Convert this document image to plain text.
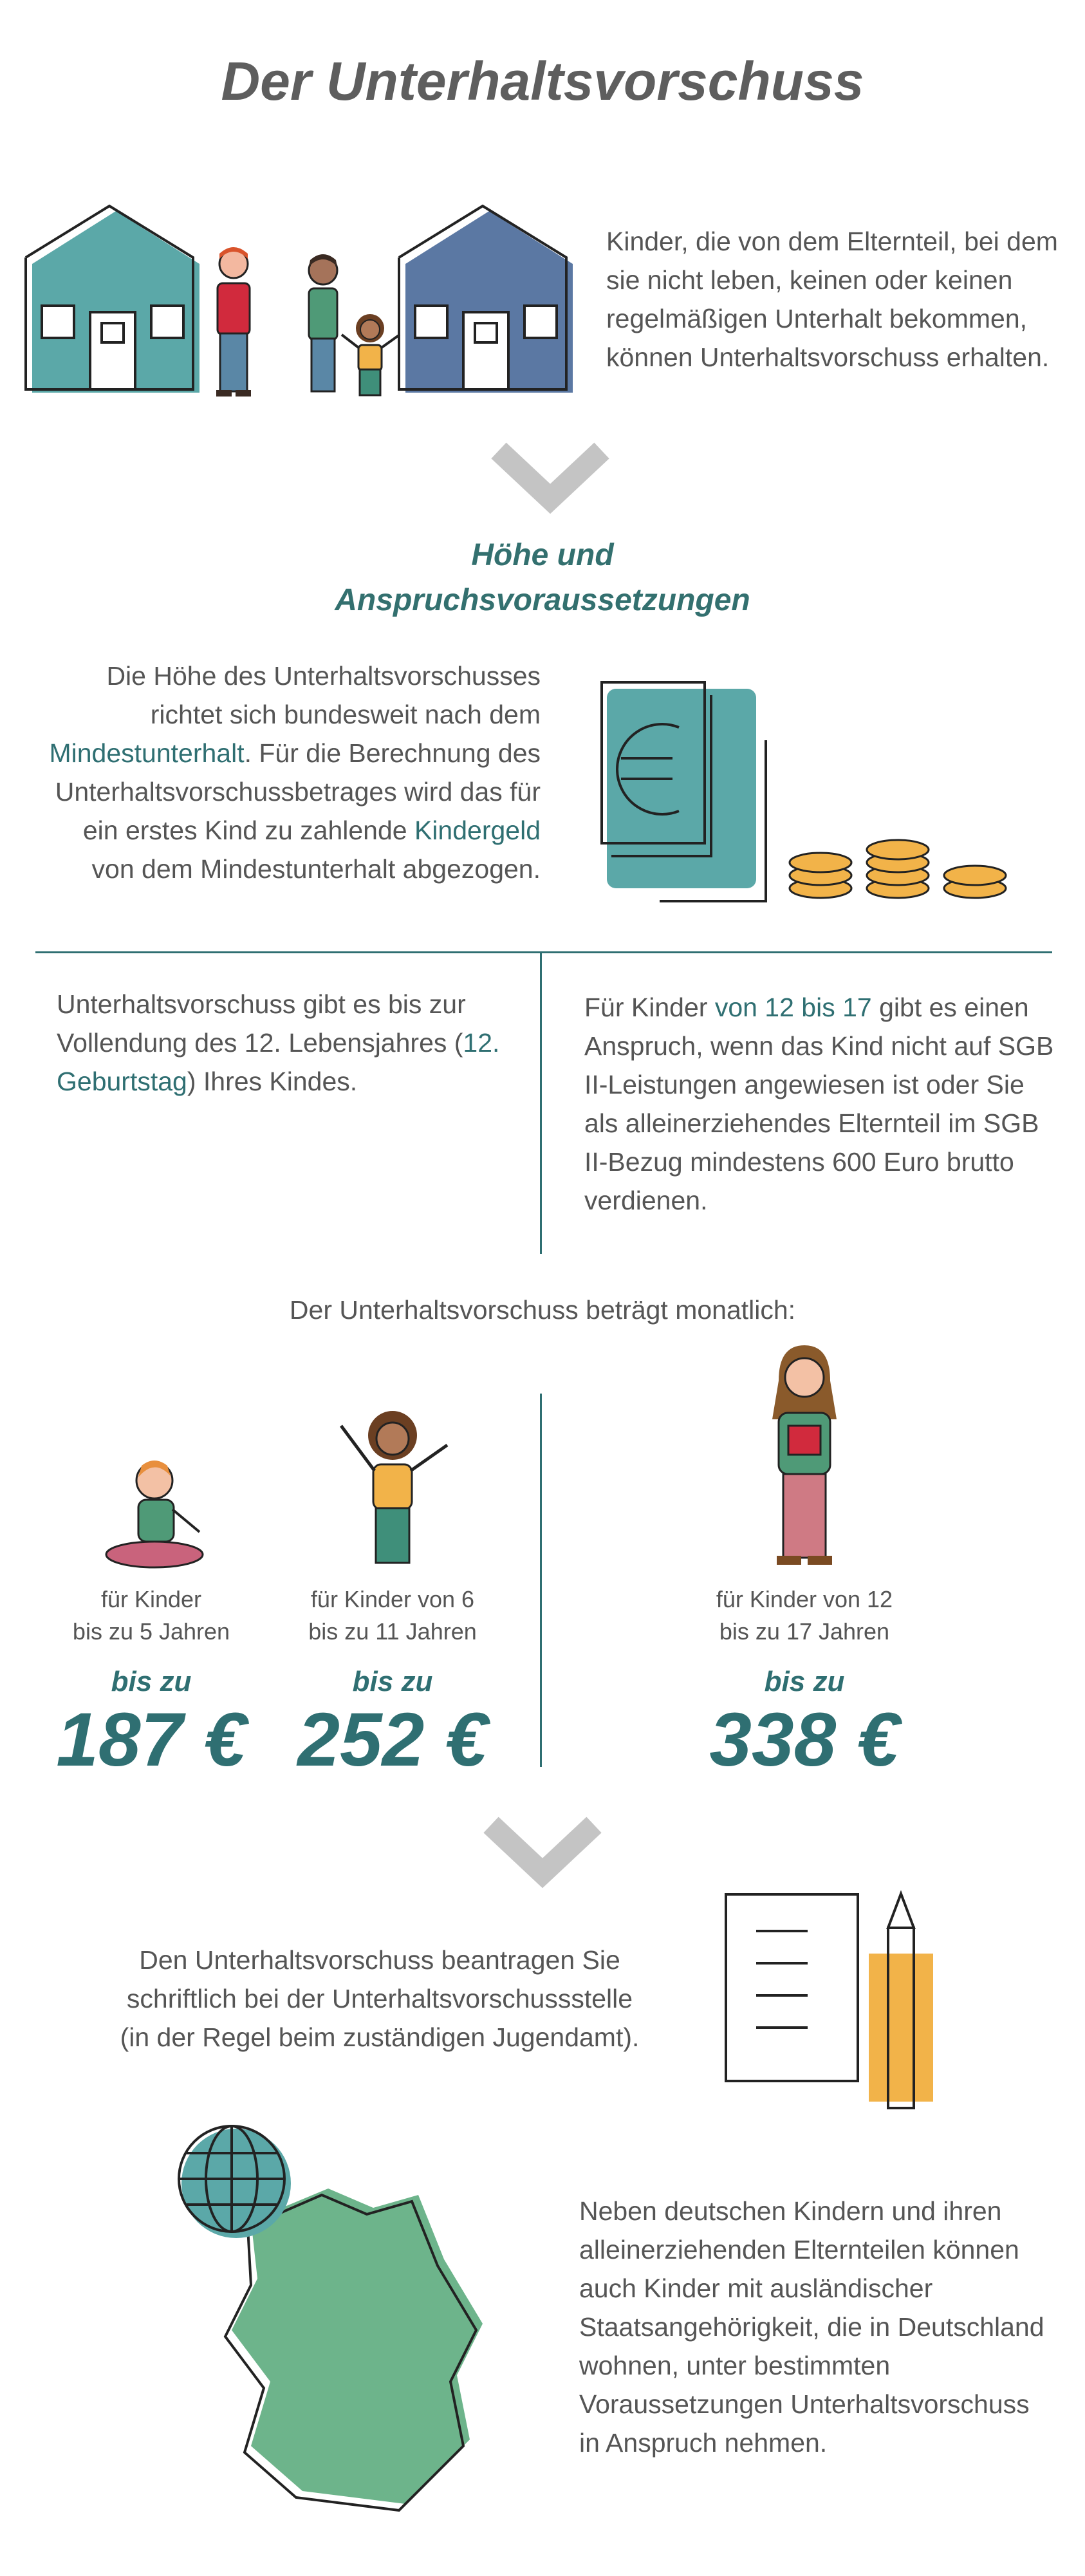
Der Unterhaltsvorschuss
Kinder, die von dem Elternteil, bei dem sie nicht leben, keinen oder keinen regelmäßigen Unterhalt bekommen, können Unterhaltsvorschuss erhalten.
Höhe und
Anspruchsvoraussetzungen
Die Höhe des Unterhaltsvorschusses richtet sich bundesweit nach dem Mindestunterhalt. Für die Berechnung des Unterhaltsvorschussbetrages wird das für ein erstes Kind zu zahlende Kindergeld von dem Mindestunterhalt abgezogen.
Unterhaltsvorschuss gibt es bis zur Vollendung des 12. Lebensjahres (12. Geburtstag) Ihres Kindes.
Für Kinder von 12 bis 17 gibt es einen Anspruch, wenn das Kind nicht auf SGB II-Leistungen angewiesen ist oder Sie als alleinerziehendes Elternteil im SGB II-Bezug mindestens 600 Euro brutto verdienen.
Der Unterhaltsvorschuss beträgt monatlich:
für Kinder
bis zu 5 Jahren
bis zu
187 €
für Kinder von 6
bis zu 11 Jahren
bis zu
252 €
für Kinder von 12
bis zu 17 Jahren
bis zu
338 €
Den Unterhaltsvorschuss beantragen Sie
schriftlich bei der Unterhaltsvorschussstelle
(in der Regel beim zuständigen Jugendamt).
Neben deutschen Kindern und ihren alleinerziehenden Elternteilen können auch Kinder mit ausländischer Staatsangehörigkeit, die in Deutschland wohnen, unter bestimmten Voraussetzungen Unterhaltsvorschuss in Anspruch nehmen.
